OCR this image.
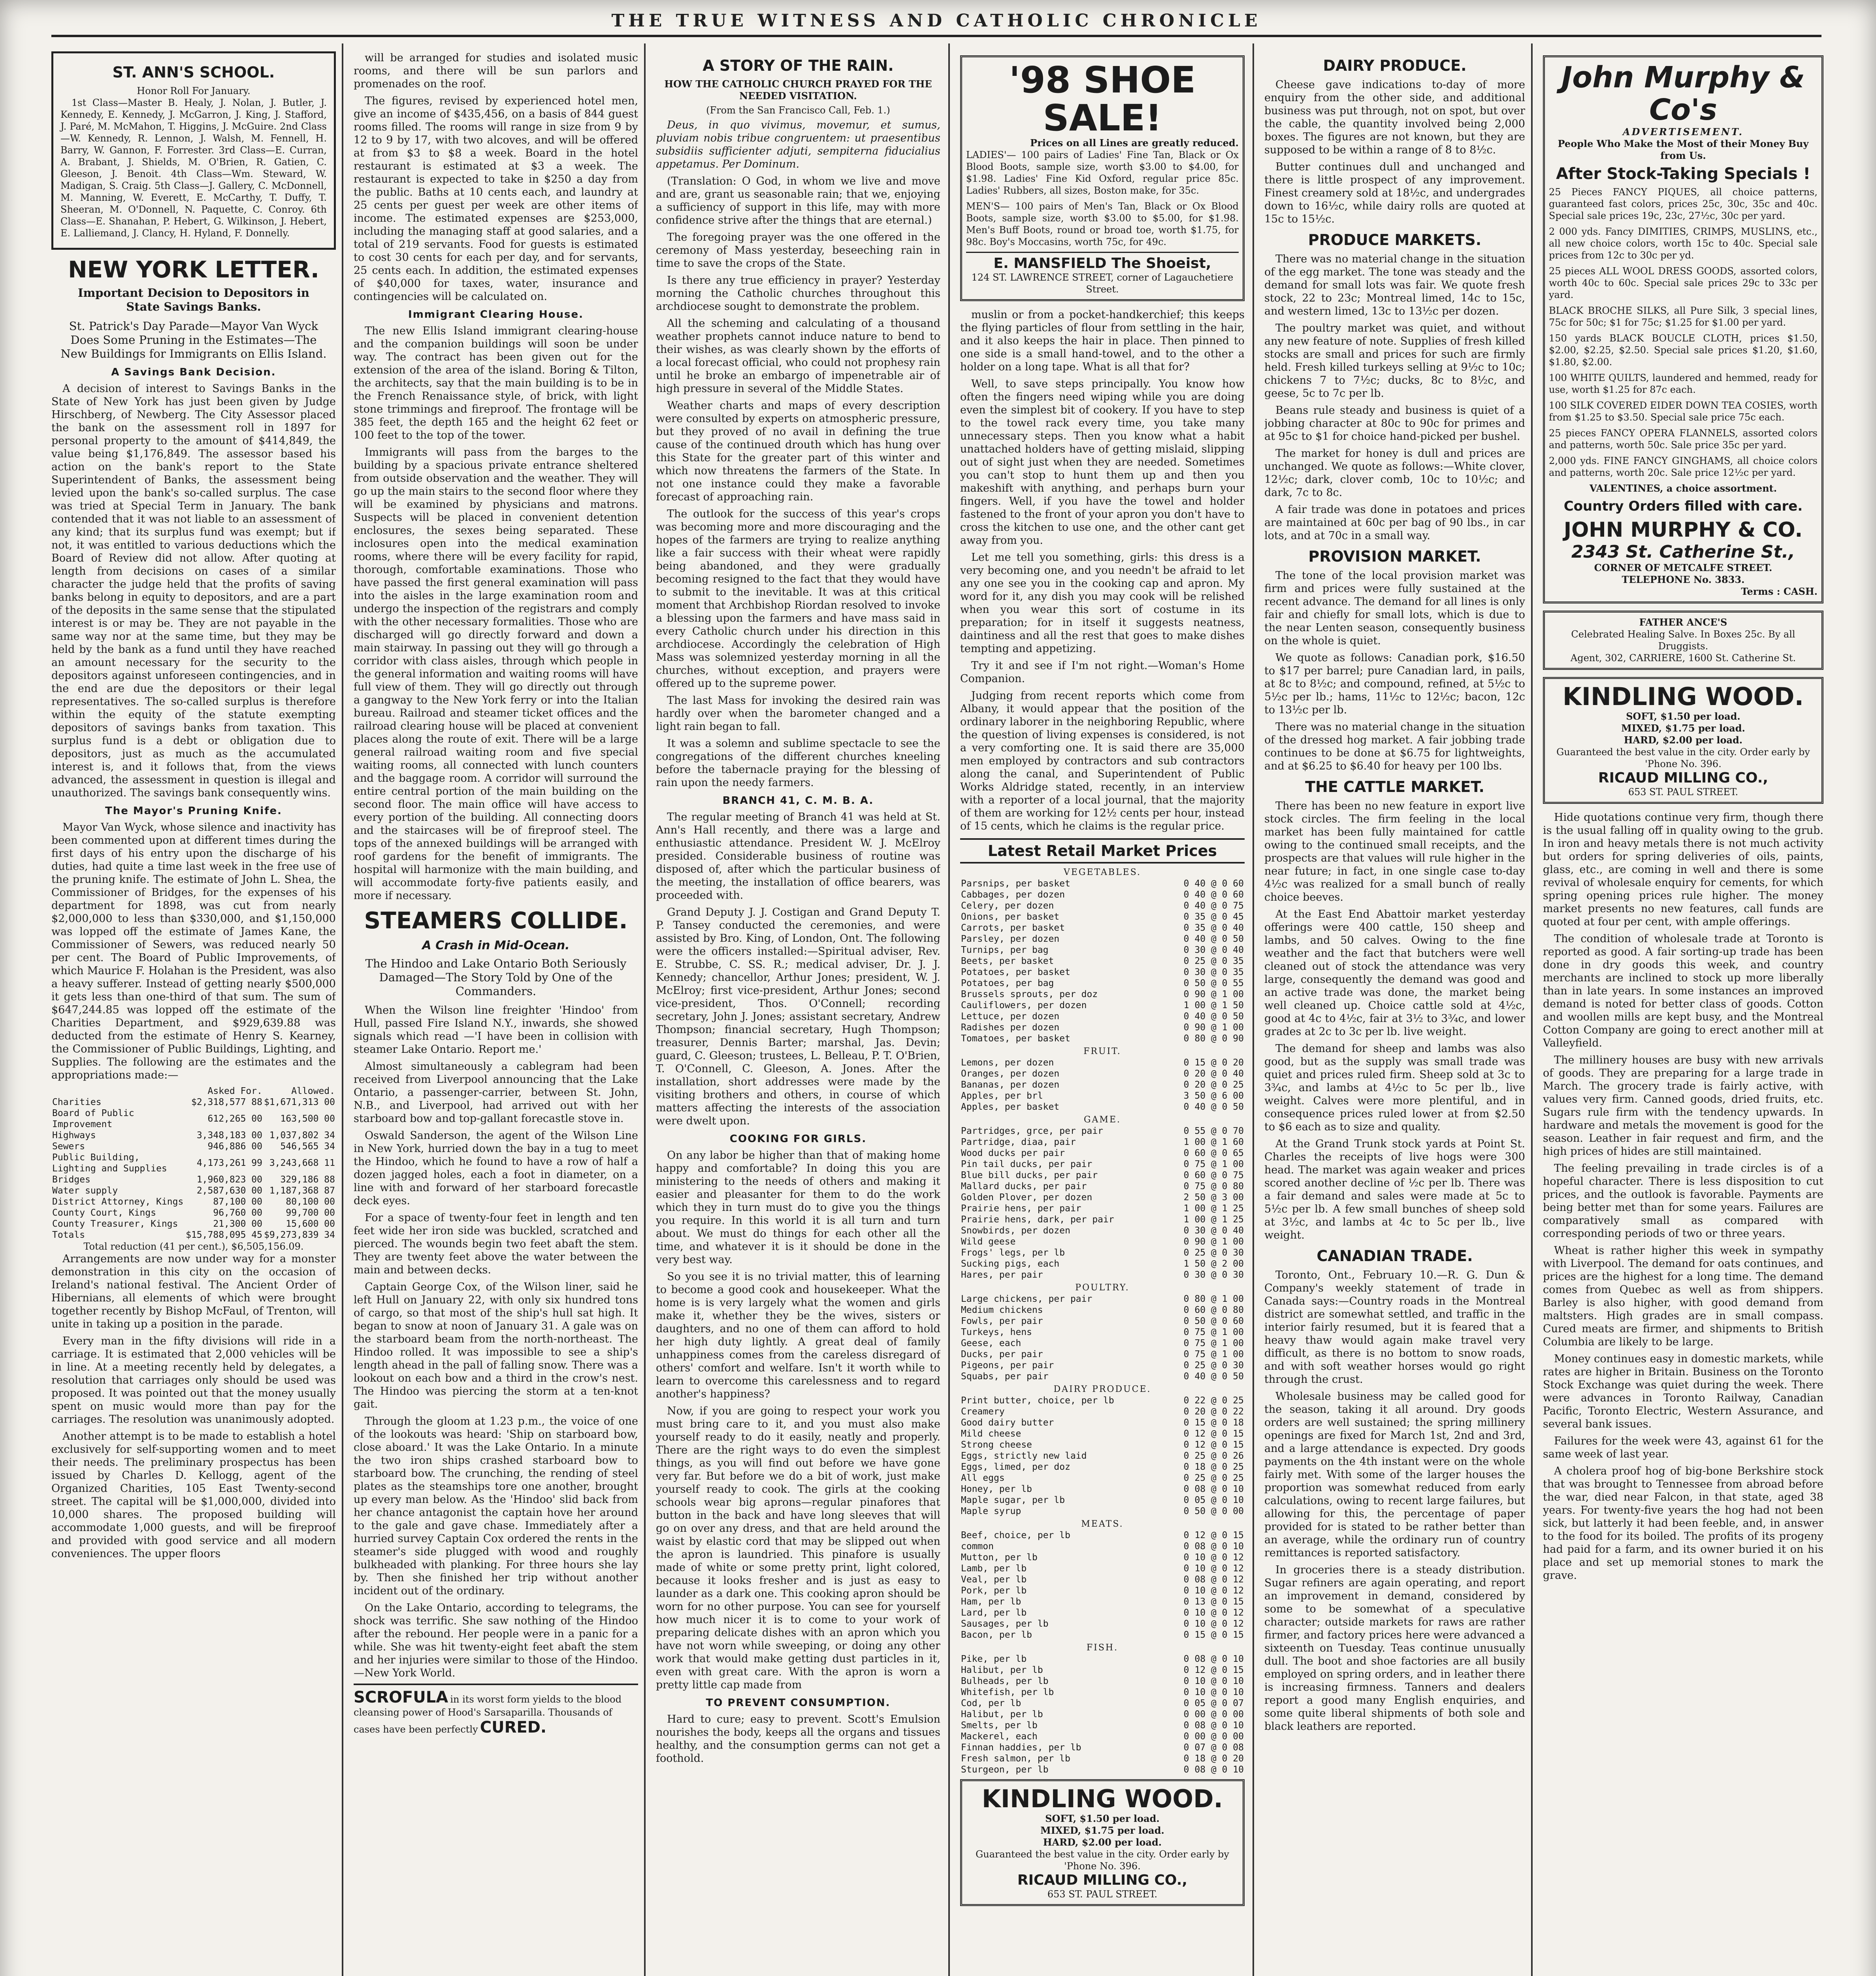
THE TRUE WITNESS AND CATHOLIC CHRONICLE
ST. ANN'S SCHOOL.
Honor Roll For January.

1st Class—Master B. Healy, J. Nolan, J. Butler, J. Kennedy, E. Kennedy, J. McGarron, J. King, J. Stafford, J. Paré, M. McMahon, T. Higgins, J. McGuire. 2nd Class—W. Kennedy, R. Lennon, J. Walsh, M. Fennell, H. Barry, W. Gannon, F. Forrester. 3rd Class—E. Curran, A. Brabant, J. Shields, M. O'Brien, R. Gatien, C. Gleeson, J. Benoit. 4th Class—Wm. Steward, W. Madigan, S. Craig. 5th Class—J. Gallery, C. McDonnell, M. Manning, W. Everett, E. McCarthy, T. Duffy, T. Sheeran, M. O'Donnell, N. Paquette, C. Conroy. 6th Class—E. Shanahan, P. Hebert, G. Wilkinson, J. Hebert, E. Lalliemand, J. Clancy, H. Hyland, F. Donnelly.

NEW YORK LETTER.
Important Decision to Depositors in State Savings Banks.
St. Patrick's Day Parade—Mayor Van Wyck Does Some Pruning in the Estimates—The New Buildings for Immigrants on Ellis Island.
A Savings Bank Decision.

A decision of interest to Savings Banks in the State of New York has just been given by Judge Hirschberg, of Newberg. The City Assessor placed the bank on the assessment roll in 1897 for personal property to the amount of $414,849, the value being $1,176,849. The assessor based his action on the bank's report to the State Superintendent of Banks, the assessment being levied upon the bank's so-called surplus. The case was tried at Special Term in January. The bank contended that it was not liable to an assessment of any kind; that its surplus fund was exempt; but if not, it was entitled to various deductions which the Board of Review did not allow. After quoting at length from decisions on cases of a similar character the judge held that the profits of saving banks belong in equity to depositors, and are a part of the deposits in the same sense that the stipulated interest is or may be. They are not payable in the same way nor at the same time, but they may be held by the bank as a fund until they have reached an amount necessary for the security to the depositors against unforeseen contingencies, and in the end are due the depositors or their legal representatives. The so-called surplus is therefore within the equity of the statute exempting depositors of savings banks from taxation. This surplus fund is a debt or obligation due to depositors, just as much as the accumulated interest is, and it follows that, from the views advanced, the assessment in question is illegal and unauthorized. The savings bank consequently wins.

The Mayor's Pruning Knife.

Mayor Van Wyck, whose silence and inactivity has been commented upon at different times during the first days of his entry upon the discharge of his duties, had quite a time last week in the free use of the pruning knife. The estimate of John L. Shea, the Commissioner of Bridges, for the expenses of his department for 1898, was cut from nearly $2,000,000 to less than $330,000, and $1,150,000 was lopped off the estimate of James Kane, the Commissioner of Sewers, was reduced nearly 50 per cent. The Board of Public Improvements, of which Maurice F. Holahan is the President, was also a heavy sufferer. Instead of getting nearly $500,000 it gets less than one-third of that sum. The sum of $647,244.85 was lopped off the estimate of the Charities Department, and $929,639.88 was deducted from the estimate of Henry S. Kearney, the Commissioner of Public Buildings, Lighting, and Supplies. The following are the estimates and the appropriations made:—

	Asked For.	Allowed.
Charities	$2,318,577 88	$1,671,313 00
Board of Public Improvement	612,265 00	163,500 00
Highways	3,348,183 00	1,037,802 34
Sewers	946,886 00	546,565 34
Public Building, Lighting and Supplies	4,173,261 99	3,243,668 11
Bridges	1,960,823 00	329,186 88
Water supply	2,587,630 00	1,187,368 87
District Attorney, Kings	87,100 00	80,100 00
County Court, Kings	96,760 00	99,700 00
County Treasurer, Kings	21,300 00	15,600 00
Totals	$15,788,095 45	$9,273,839 34
Total reduction (41 per cent.), $6,505,156.09.

Arrangements are now under way for a monster demonstration in this city on the occasion of Ireland's national festival. The Ancient Order of Hibernians, all elements of which were brought together recently by Bishop McFaul, of Trenton, will unite in taking up a position in the parade.

Every man in the fifty divisions will ride in a carriage. It is estimated that 2,000 vehicles will be in line. At a meeting recently held by delegates, a resolution that carriages only should be used was proposed. It was pointed out that the money usually spent on music would more than pay for the carriages. The resolution was unanimously adopted.

Another attempt is to be made to establish a hotel exclusively for self-supporting women and to meet their needs. The preliminary prospectus has been issued by Charles D. Kellogg, agent of the Organized Charities, 105 East Twenty-second street. The capital will be $1,000,000, divided into 10,000 shares. The proposed building will accommodate 1,000 guests, and will be fireproof and provided with good service and all modern conveniences. The upper floors

will be arranged for studies and isolated music rooms, and there will be sun parlors and promenades on the roof.

The figures, revised by experienced hotel men, give an income of $435,456, on a basis of 844 guest rooms filled. The rooms will range in size from 9 by 12 to 9 by 17, with two alcoves, and will be offered at from $3 to $8 a week. Board in the hotel restaurant is estimated at $3 a week. The restaurant is expected to take in $250 a day from the public. Baths at 10 cents each, and laundry at 25 cents per guest per week are other items of income. The estimated expenses are $253,000, including the managing staff at good salaries, and a total of 219 servants. Food for guests is estimated to cost 30 cents for each per day, and for servants, 25 cents each. In addition, the estimated expenses of $40,000 for taxes, water, insurance and contingencies will be calculated on.

Immigrant Clearing House.

The new Ellis Island immigrant clearing-house and the companion buildings will soon be under way. The contract has been given out for the extension of the area of the island. Boring & Tilton, the architects, say that the main building is to be in the French Renaissance style, of brick, with light stone trimmings and fireproof. The frontage will be 385 feet, the depth 165 and the height 62 feet or 100 feet to the top of the tower.

Immigrants will pass from the barges to the building by a spacious private entrance sheltered from outside observation and the weather. They will go up the main stairs to the second floor where they will be examined by physicians and matrons. Suspects will be placed in convenient detention enclosures, the sexes being separated. These inclosures open into the medical examination rooms, where there will be every facility for rapid, thorough, comfortable examinations. Those who have passed the first general examination will pass into the aisles in the large examination room and undergo the inspection of the registrars and comply with the other necessary formalities. Those who are discharged will go directly forward and down a main stairway. In passing out they will go through a corridor with class aisles, through which people in the general information and waiting rooms will have full view of them. They will go directly out through a gangway to the New York ferry or into the Italian bureau. Railroad and steamer ticket offices and the railroad clearing house will be placed at convenient places along the route of exit. There will be a large general railroad waiting room and five special waiting rooms, all connected with lunch counters and the baggage room. A corridor will surround the entire central portion of the main building on the second floor. The main office will have access to every portion of the building. All connecting doors and the staircases will be of fireproof steel. The tops of the annexed buildings will be arranged with roof gardens for the benefit of immigrants. The hospital will harmonize with the main building, and will accommodate forty-five patients easily, and more if necessary.

STEAMERS COLLIDE.
A Crash in Mid-Ocean.
The Hindoo and Lake Ontario Both Seriously Damaged—The Story Told by One of the Commanders.

When the Wilson line freighter 'Hindoo' from Hull, passed Fire Island N.Y., inwards, she showed signals which read —'I have been in collision with steamer Lake Ontario. Report me.'

Almost simultaneously a cablegram had been received from Liverpool announcing that the Lake Ontario, a passenger-carrier, between St. John, N.B., and Liverpool, had arrived out with her starboard bow and top-gallant forecastle stove in.

Oswald Sanderson, the agent of the Wilson Line in New York, hurried down the bay in a tug to meet the Hindoo, which he found to have a row of half a dozen jagged holes, each a foot in diameter, on a line with and forward of her starboard forecastle deck eyes.

For a space of twenty-four feet in length and ten feet wide her iron side was buckled, scratched and pierced. The wounds begin two feet abaft the stem. They are twenty feet above the water between the main and between decks.

Captain George Cox, of the Wilson liner, said he left Hull on January 22, with only six hundred tons of cargo, so that most of the ship's hull sat high. It began to snow at noon of January 31. A gale was on the starboard beam from the north-northeast. The Hindoo rolled. It was impossible to see a ship's length ahead in the pall of falling snow. There was a lookout on each bow and a third in the crow's nest. The Hindoo was piercing the storm at a ten-knot gait.

Through the gloom at 1.23 p.m., the voice of one of the lookouts was heard: 'Ship on starboard bow, close aboard.' It was the Lake Ontario. In a minute the two iron ships crashed starboard bow to starboard bow. The crunching, the rending of steel plates as the steamships tore one another, brought up every man below. As the 'Hindoo' slid back from her chance antagonist the captain hove her around to the gale and gave chase. Immediately after a hurried survey Captain Cox ordered the rents in the steamer's side plugged with wood and roughly bulkheaded with planking. For three hours she lay by. Then she finished her trip without another incident out of the ordinary.

On the Lake Ontario, according to telegrams, the shock was terrific. She saw nothing of the Hindoo after the rebound. Her people were in a panic for a while. She was hit twenty-eight feet abaft the stem and her injuries were similar to those of the Hindoo.—New York World.

SCROFULA in its worst form yields to the blood cleansing power of Hood's Sarsaparilla. Thousands of cases have been perfectly CURED.
A STORY OF THE RAIN.
HOW THE CATHOLIC CHURCH PRAYED FOR THE NEEDED VISITATION.
(From the San Francisco Call, Feb. 1.)

Deus, in quo vivimus, movemur, et sumus, pluviam nobis tribue congruentem: ut praesentibus subsidiis sufficienter adjuti, sempiterna fiducialius appetamus. Per Dominum.

(Translation: O God, in whom we live and move and are, grant us seasonable rain; that we, enjoying a sufficiency of support in this life, may with more confidence strive after the things that are eternal.)

The foregoing prayer was the one offered in the ceremony of Mass yesterday, beseeching rain in time to save the crops of the State.

Is there any true efficiency in prayer? Yesterday morning the Catholic churches throughout this archdiocese sought to demonstrate the problem.

All the scheming and calculating of a thousand weather prophets cannot induce nature to bend to their wishes, as was clearly shown by the efforts of a local forecast official, who could not prophesy rain until he broke an embargo of impenetrable air of high pressure in several of the Middle States.

Weather charts and maps of every description were consulted by experts on atmospheric pressure, but they proved of no avail in defining the true cause of the continued drouth which has hung over this State for the greater part of this winter and which now threatens the farmers of the State. In not one instance could they make a favorable forecast of approaching rain.

The outlook for the success of this year's crops was becoming more and more discouraging and the hopes of the farmers are trying to realize anything like a fair success with their wheat were rapidly being abandoned, and they were gradually becoming resigned to the fact that they would have to submit to the inevitable. It was at this critical moment that Archbishop Riordan resolved to invoke a blessing upon the farmers and have mass said in every Catholic church under his direction in this archdiocese. Accordingly the celebration of High Mass was solemnized yesterday morning in all the churches, without exception, and prayers were offered up to the supreme power.

The last Mass for invoking the desired rain was hardly over when the barometer changed and a light rain began to fall.

It was a solemn and sublime spectacle to see the congregations of the different churches kneeling before the tabernacle praying for the blessing of rain upon the needy farmers.

BRANCH 41, C. M. B. A.

The regular meeting of Branch 41 was held at St. Ann's Hall recently, and there was a large and enthusiastic attendance. President W. J. McElroy presided. Considerable business of routine was disposed of, after which the particular business of the meeting, the installation of office bearers, was proceeded with.

Grand Deputy J. J. Costigan and Grand Deputy T. P. Tansey conducted the ceremonies, and were assisted by Bro. King, of London, Ont. The following were the officers installed:—Spiritual adviser, Rev. E. Strubbe, C. SS. R.; medical adviser, Dr. J. J. Kennedy; chancellor, Arthur Jones; president, W. J. McElroy; first vice-president, Arthur Jones; second vice-president, Thos. O'Connell; recording secretary, John J. Jones; assistant secretary, Andrew Thompson; financial secretary, Hugh Thompson; treasurer, Dennis Barter; marshal, Jas. Devin; guard, C. Gleeson; trustees, L. Belleau, P. T. O'Brien, T. O'Connell, C. Gleeson, A. Jones. After the installation, short addresses were made by the visiting brothers and others, in course of which matters affecting the interests of the association were dwelt upon.

COOKING FOR GIRLS.

On any labor be higher than that of making home happy and comfortable? In doing this you are ministering to the needs of others and making it easier and pleasanter for them to do the work which they in turn must do to give you the things you require. In this world it is all turn and turn about. We must do things for each other all the time, and whatever it is it should be done in the very best way.

So you see it is no trivial matter, this of learning to become a good cook and housekeeper. What the home is is very largely what the women and girls make it, whether they be the wives, sisters or daughters, and no one of them can afford to hold her high duty lightly. A great deal of family unhappiness comes from the careless disregard of others' comfort and welfare. Isn't it worth while to learn to overcome this carelessness and to regard another's happiness?

Now, if you are going to respect your work you must bring care to it, and you must also make yourself ready to do it easily, neatly and properly. There are the right ways to do even the simplest things, as you will find out before we have gone very far. But before we do a bit of work, just make yourself ready to cook. The girls at the cooking schools wear big aprons—regular pinafores that button in the back and have long sleeves that will go on over any dress, and that are held around the waist by elastic cord that may be slipped out when the apron is laundried. This pinafore is usually made of white or some pretty print, light colored, because it looks fresher and is just as easy to launder as a dark one. This cooking apron should be worn for no other purpose. You can see for yourself how much nicer it is to come to your work of preparing delicate dishes with an apron which you have not worn while sweeping, or doing any other work that would make getting dust particles in it, even with great care. With the apron is worn a pretty little cap made from

TO PREVENT CONSUMPTION.

Hard to cure; easy to prevent. Scott's Emulsion nourishes the body, keeps all the organs and tissues healthy, and the consumption germs can not get a foothold.

'98 SHOE SALE!
Prices on all Lines are greatly reduced.

LADIES'— 100 pairs of Ladies' Fine Tan, Black or Ox Blood Boots, sample size, worth $3.00 to $4.00, for $1.98. Ladies' Fine Kid Oxford, regular price 85c. Ladies' Rubbers, all sizes, Boston make, for 35c.

MEN'S— 100 pairs of Men's Tan, Black or Ox Blood Boots, sample size, worth $3.00 to $5.00, for $1.98. Men's Buff Boots, round or broad toe, worth $1.75, for 98c. Boy's Moccasins, worth 75c, for 49c.

E. MANSFIELD The Shoeist,
124 ST. LAWRENCE STREET, corner of Lagauchetiere Street.

muslin or from a pocket-handkerchief; this keeps the flying particles of flour from settling in the hair, and it also keeps the hair in place. Then pinned to one side is a small hand-towel, and to the other a holder on a long tape. What is all that for?

Well, to save steps principally. You know how often the fingers need wiping while you are doing even the simplest bit of cookery. If you have to step to the towel rack every time, you take many unnecessary steps. Then you know what a habit unattached holders have of getting mislaid, slipping out of sight just when they are needed. Sometimes you can't stop to hunt them up and then you makeshift with anything, and perhaps burn your fingers. Well, if you have the towel and holder fastened to the front of your apron you don't have to cross the kitchen to use one, and the other cant get away from you.

Let me tell you something, girls: this dress is a very becoming one, and you needn't be afraid to let any one see you in the cooking cap and apron. My word for it, any dish you may cook will be relished when you wear this sort of costume in its preparation; for in itself it suggests neatness, daintiness and all the rest that goes to make dishes tempting and appetizing.

Try it and see if I'm not right.—Woman's Home Companion.

Judging from recent reports which come from Albany, it would appear that the position of the ordinary laborer in the neighboring Republic, where the question of living expenses is considered, is not a very comforting one. It is said there are 35,000 men employed by contractors and sub contractors along the canal, and Superintendent of Public Works Aldridge stated, recently, in an interview with a reporter of a local journal, that the majority of them are working for 12½ cents per hour, instead of 15 cents, which he claims is the regular price.

Latest Retail Market Prices
VEGETABLES.
Parsnips, per basket	0 40 @ 0 60
Cabbages, per dozen	0 40 @ 0 60
Celery, per dozen	0 40 @ 0 75
Onions, per basket	0 35 @ 0 45
Carrots, per basket	0 35 @ 0 40
Parsley, per dozen	0 40 @ 0 50
Turnips, per bag	0 30 @ 0 40
Beets, per basket	0 25 @ 0 35
Potatoes, per basket	0 30 @ 0 35
Potatoes, per bag	0 50 @ 0 55
Brussels sprouts, per doz	0 90 @ 1 00
Cauliflowers, per dozen	1 00 @ 1 50
Lettuce, per dozen	0 40 @ 0 50
Radishes per dozen	0 90 @ 1 00
Tomatoes, per basket	0 80 @ 0 90
FRUIT.
Lemons, per dozen	0 15 @ 0 20
Oranges, per dozen	0 20 @ 0 40
Bananas, per dozen	0 20 @ 0 25
Apples, per brl	3 50 @ 6 00
Apples, per basket	0 40 @ 0 50
GAME.
Partridges, grce, per pair	0 55 @ 0 70
Partridge, diaa, pair	1 00 @ 1 60
Wood ducks per pair	0 60 @ 0 65
Pin tail ducks, per pair	0 75 @ 1 00
Blue bill ducks, per pair	0 60 @ 0 75
Mallard ducks, per pair	0 75 @ 0 80
Golden Plover, per dozen	2 50 @ 3 00
Prairie hens, per pair	1 00 @ 1 25
Prairie hens, dark, per pair	1 00 @ 1 25
Snowbirds, per dozen	0 30 @ 0 40
Wild geese	0 90 @ 1 00
Frogs' legs, per lb	0 25 @ 0 30
Sucking pigs, each	1 50 @ 2 00
Hares, per pair	0 30 @ 0 30
POULTRY.
Large chickens, per pair	0 80 @ 1 00
Medium chickens	0 60 @ 0 80
Fowls, per pair	0 50 @ 0 60
Turkeys, hens	0 75 @ 1 00
Geese, each	0 75 @ 1 00
Ducks, per pair	0 75 @ 1 00
Pigeons, per pair	0 25 @ 0 30
Squabs, per pair	0 40 @ 0 50
DAIRY PRODUCE.
Print butter, choice, per lb	0 22 @ 0 25
Creamery	0 20 @ 0 22
Good dairy butter	0 15 @ 0 18
Mild cheese	0 12 @ 0 15
Strong cheese	0 12 @ 0 15
Eggs, strictly new laid	0 25 @ 0 26
Eggs, limed, per doz	0 18 @ 0 25
All eggs	0 25 @ 0 25
Honey, per lb	0 08 @ 0 10
Maple sugar, per lb	0 05 @ 0 10
Maple syrup	0 50 @ 0 00
MEATS.
Beef, choice, per lb	0 12 @ 0 15
common	0 08 @ 0 10
Mutton, per lb	0 10 @ 0 12
Lamb, per lb	0 10 @ 0 12
Veal, per lb	0 08 @ 0 12
Pork, per lb	0 10 @ 0 12
Ham, per lb	0 13 @ 0 15
Lard, per lb	0 10 @ 0 12
Sausages, per lb	0 10 @ 0 12
Bacon, per lb	0 15 @ 0 15
FISH.
Pike, per lb	0 08 @ 0 10
Halibut, per lb	0 12 @ 0 15
Bulheads, per lb	0 10 @ 0 10
Whitefish, per lb	0 10 @ 0 10
Cod, per lb	0 05 @ 0 07
Halibut, per lb	0 00 @ 0 00
Smelts, per lb	0 08 @ 0 10
Mackerel, each	0 00 @ 0 00
Finnan haddies, per lb	0 07 @ 0 08
Fresh salmon, per lb	0 18 @ 0 20
Sturgeon, per lb	0 08 @ 0 10
KINDLING WOOD.
SOFT, $1.50 per load.
MIXED, $1.75 per load.
HARD, $2.00 per load.
Guaranteed the best value in the city. Order early by 'Phone No. 396.
RICAUD MILLING CO.,
653 ST. PAUL STREET.
DAIRY PRODUCE.

Cheese gave indications to-day of more enquiry from the other side, and additional business was put through, not on spot, but over the cable, the quantity involved being 2,000 boxes. The figures are not known, but they are supposed to be within a range of 8 to 8½c.

Butter continues dull and unchanged and there is little prospect of any improvement. Finest creamery sold at 18½c, and undergrades down to 16½c, while dairy rolls are quoted at 15c to 15½c.

PRODUCE MARKETS.

There was no material change in the situation of the egg market. The tone was steady and the demand for small lots was fair. We quote fresh stock, 22 to 23c; Montreal limed, 14c to 15c, and western limed, 13c to 13½c per dozen.

The poultry market was quiet, and without any new feature of note. Supplies of fresh killed stocks are small and prices for such are firmly held. Fresh killed turkeys selling at 9½c to 10c; chickens 7 to 7½c; ducks, 8c to 8½c, and geese, 5c to 7c per lb.

Beans rule steady and business is quiet of a jobbing character at 80c to 90c for primes and at 95c to $1 for choice hand-picked per bushel.

The market for honey is dull and prices are unchanged. We quote as follows:—White clover, 12½c; dark, clover comb, 10c to 10½c; and dark, 7c to 8c.

A fair trade was done in potatoes and prices are maintained at 60c per bag of 90 lbs., in car lots, and at 70c in a small way.

PROVISION MARKET.

The tone of the local provision market was firm and prices were fully sustained at the recent advance. The demand for all lines is only fair and chiefly for small lots, which is due to the near Lenten season, consequently business on the whole is quiet.

We quote as follows: Canadian pork, $16.50 to $17 per barrel; pure Canadian lard, in pails, at 8c to 8½c; and compound, refined, at 5½c to 5½c per lb.; hams, 11½c to 12½c; bacon, 12c to 13½c per lb.

There was no material change in the situation of the dressed hog market. A fair jobbing trade continues to be done at $6.75 for lightweights, and at $6.25 to $6.40 for heavy per 100 lbs.

THE CATTLE MARKET.

There has been no new feature in export live stock circles. The firm feeling in the local market has been fully maintained for cattle owing to the continued small receipts, and the prospects are that values will rule higher in the near future; in fact, in one single case to-day 4½c was realized for a small bunch of really choice beeves.

At the East End Abattoir market yesterday offerings were 400 cattle, 150 sheep and lambs, and 50 calves. Owing to the fine weather and the fact that butchers were well cleaned out of stock the attendance was very large, consequently the demand was good and an active trade was done, the market being well cleaned up. Choice cattle sold at 4½c, good at 4c to 4½c, fair at 3½ to 3¾c, and lower grades at 2c to 3c per lb. live weight.

The demand for sheep and lambs was also good, but as the supply was small trade was quiet and prices ruled firm. Sheep sold at 3c to 3¾c, and lambs at 4½c to 5c per lb., live weight. Calves were more plentiful, and in consequence prices ruled lower at from $2.50 to $6 each as to size and quality.

At the Grand Trunk stock yards at Point St. Charles the receipts of live hogs were 300 head. The market was again weaker and prices scored another decline of ½c per lb. There was a fair demand and sales were made at 5c to 5½c per lb. A few small bunches of sheep sold at 3½c, and lambs at 4c to 5c per lb., live weight.

CANADIAN TRADE.

Toronto, Ont., February 10.—R. G. Dun & Company's weekly statement of trade in Canada says:—Country roads in the Montreal district are somewhat settled, and traffic in the interior fairly resumed, but it is feared that a heavy thaw would again make travel very difficult, as there is no bottom to snow roads, and with soft weather horses would go right through the crust.

Wholesale business may be called good for the season, taking it all around. Dry goods orders are well sustained; the spring millinery openings are fixed for March 1st, 2nd and 3rd, and a large attendance is expected. Dry goods payments on the 4th instant were on the whole fairly met. With some of the larger houses the proportion was somewhat reduced from early calculations, owing to recent large failures, but allowing for this, the percentage of paper provided for is stated to be rather better than an average, while the ordinary run of country remittances is reported satisfactory.

In groceries there is a steady distribution. Sugar refiners are again operating, and report an improvement in demand, considered by some to be somewhat of a speculative character; outside markets for raws are rather firmer, and factory prices here were advanced a sixteenth on Tuesday. Teas continue unusually dull. The boot and shoe factories are all busily employed on spring orders, and in leather there is increasing firmness. Tanners and dealers report a good many English enquiries, and some quite liberal shipments of both sole and black leathers are reported.

John Murphy & Co's
ADVERTISEMENT.
People Who Make the Most of their Money Buy from Us.
After Stock-Taking Specials !

25 Pieces FANCY PIQUES, all choice patterns, guaranteed fast colors, prices 25c, 30c, 35c and 40c. Special sale prices 19c, 23c, 27½c, 30c per yard.

2 000 yds. Fancy DIMITIES, CRIMPS, MUSLINS, etc., all new choice colors, worth 15c to 40c. Special sale prices from 12c to 30c per yd.

25 pieces ALL WOOL DRESS GOODS, assorted colors, worth 40c to 60c. Special sale prices 29c to 33c per yard.

BLACK BROCHE SILKS, all Pure Silk, 3 special lines, 75c for 50c; $1 for 75c; $1.25 for $1.00 per yard.

150 yards BLACK BOUCLE CLOTH, prices $1.50, $2.00, $2.25, $2.50. Special sale prices $1.20, $1.60, $1.80, $2.00.

100 WHITE QUILTS, laundered and hemmed, ready for use, worth $1.25 for 87c each.

100 SILK COVERED EIDER DOWN TEA COSIES, worth from $1.25 to $3.50. Special sale price 75c each.

25 pieces FANCY OPERA FLANNELS, assorted colors and patterns, worth 50c. Sale price 35c per yard.

2,000 yds. FINE FANCY GINGHAMS, all choice colors and patterns, worth 20c. Sale price 12½c per yard.

VALENTINES, a choice assortment.
Country Orders filled with care.
JOHN MURPHY & CO.
2343 St. Catherine St.,
CORNER OF METCALFE STREET.
TELEPHONE No. 3833.
Terms : CASH.
FATHER ANCE'S
Celebrated Healing Salve. In Boxes 25c. By all Druggists.
Agent, 302, CARRIERE, 1600 St. Catherine St.
KINDLING WOOD.
SOFT, $1.50 per load.
MIXED, $1.75 per load.
HARD, $2.00 per load.
Guaranteed the best value in the city. Order early by 'Phone No. 396.
RICAUD MILLING CO.,
653 ST. PAUL STREET.

Hide quotations continue very firm, though there is the usual falling off in quality owing to the grub. In iron and heavy metals there is not much activity but orders for spring deliveries of oils, paints, glass, etc., are coming in well and there is some revival of wholesale enquiry for cements, for which spring opening prices rule higher. The money market presents no new features, call funds are quoted at four per cent, with ample offerings.

The condition of wholesale trade at Toronto is reported as good. A fair sorting-up trade has been done in dry goods this week, and country merchants are inclined to stock up more liberally than in late years. In some instances an improved demand is noted for better class of goods. Cotton and woollen mills are kept busy, and the Montreal Cotton Company are going to erect another mill at Valleyfield.

The millinery houses are busy with new arrivals of goods. They are preparing for a large trade in March. The grocery trade is fairly active, with values very firm. Canned goods, dried fruits, etc. Sugars rule firm with the tendency upwards. In hardware and metals the movement is good for the season. Leather in fair request and firm, and the high prices of hides are still maintained.

The feeling prevailing in trade circles is of a hopeful character. There is less disposition to cut prices, and the outlook is favorable. Payments are being better met than for some years. Failures are comparatively small as compared with corresponding periods of two or three years.

Wheat is rather higher this week in sympathy with Liverpool. The demand for oats continues, and prices are the highest for a long time. The demand comes from Quebec as well as from shippers. Barley is also higher, with good demand from maltsters. High grades are in small compass. Cured meats are firmer, and shipments to British Columbia are likely to be large.

Money continues easy in domestic markets, while rates are higher in Britain. Business on the Toronto Stock Exchange was quiet during the week. There were advances in Toronto Railway, Canadian Pacific, Toronto Electric, Western Assurance, and several bank issues.

Failures for the week were 43, against 61 for the same week of last year.

A cholera proof hog of big-bone Berkshire stock that was brought to Tennessee from abroad before the war, died near Falcon, in that state, aged 38 years. For twenty-five years the hog had not been sick, but latterly it had been feeble, and, in answer to the food for its boiled. The profits of its progeny had paid for a farm, and its owner buried it on his place and set up memorial stones to mark the grave.
